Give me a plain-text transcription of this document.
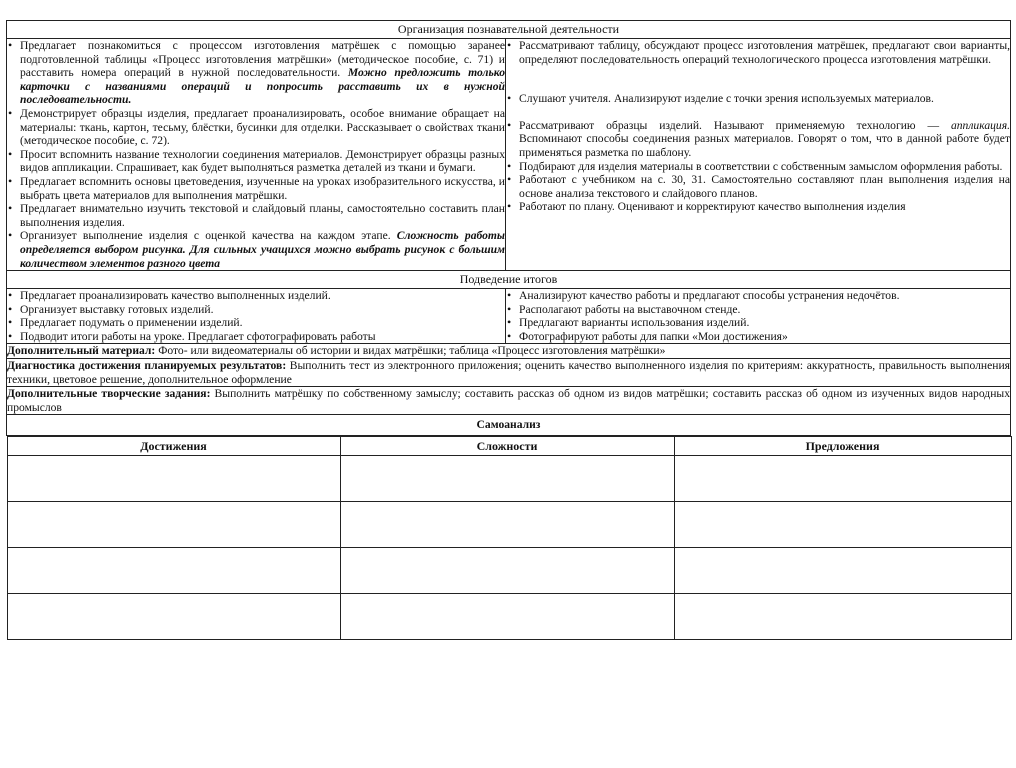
Организация познавательной деятельности

• Предлагает познакомиться с процессом изготовления матрёшек с помощью заранее подготовленной таблицы «Процесс изготовления матрёшки» (методическое пособие, с. 71) и расставить номера операций в нужной последовательности. Можно предложить только карточки с названиями операций и попросить расставить их в нужной последовательности.
• Демонстрирует образцы изделия, предлагает проанализировать, особое внимание обращает на материалы: ткань, картон, тесьму, блёстки, бусинки для отделки. Рассказывает о свойствах ткани (методическое пособие, с. 72).
• Просит вспомнить название технологии соединения материалов. Демонстрирует образцы разных видов аппликации. Спрашивает, как будет выполняться разметка деталей из ткани и бумаги.
• Предлагает вспомнить основы цветоведения, изученные на уроках изобразительного искусства, и выбрать цвета материалов для выполнения матрёшки.
• Предлагает внимательно изучить текстовой и слайдовый планы, самостоятельно составить план выполнения изделия.
• Организует выполнение изделия с оценкой качества на каждом этапе. Сложность работы определяется выбором рисунка. Для сильных учащихся можно выбрать рисунок с большим количеством элементов разного цвета

• Рассматривают таблицу, обсуждают процесс изготовления матрёшек, предлагают свои варианты, определяют последовательность операций технологического процесса изготовления матрёшки.
• Слушают учителя. Анализируют изделие с точки зрения используемых материалов.
• Рассматривают образцы изделий. Называют применяемую технологию — аппликация. Вспоминают способы соединения разных материалов. Говорят о том, что в данной работе будет применяться разметка по шаблону.
• Подбирают для изделия материалы в соответствии с собственным замыслом оформления работы.
• Работают с учебником на с. 30, 31. Самостоятельно составляют план выполнения изделия на основе анализа текстового и слайдового планов.
• Работают по плану. Оценивают и корректируют качество выполнения изделия

Подведение итогов

• Предлагает проанализировать качество выполненных изделий.
• Организует выставку готовых изделий.
• Предлагает подумать о применении изделий.
• Подводит итоги работы на уроке. Предлагает сфотографировать работы

• Анализируют качество работы и предлагают способы устранения недочётов.
• Располагают работы на выставочном стенде.
• Предлагают варианты использования изделий.
• Фотографируют работы для папки «Мои достижения»

Дополнительный материал: Фото- или видеоматериалы об истории и видах матрёшки; таблица «Процесс изготовления матрёшки»
Диагностика достижения планируемых результатов: Выполнить тест из электронного приложения; оценить качество выполненного изделия по критериям: аккуратность, правильность выполнения техники, цветовое решение, дополнительное оформление
Дополнительные творческие задания: Выполнить матрёшку по собственному замыслу; составить рассказ об одном из видов матрёшки; составить рассказ об одном из изученных видов народных промыслов
Самоанализ

Достижения	Сложности	Предложения
